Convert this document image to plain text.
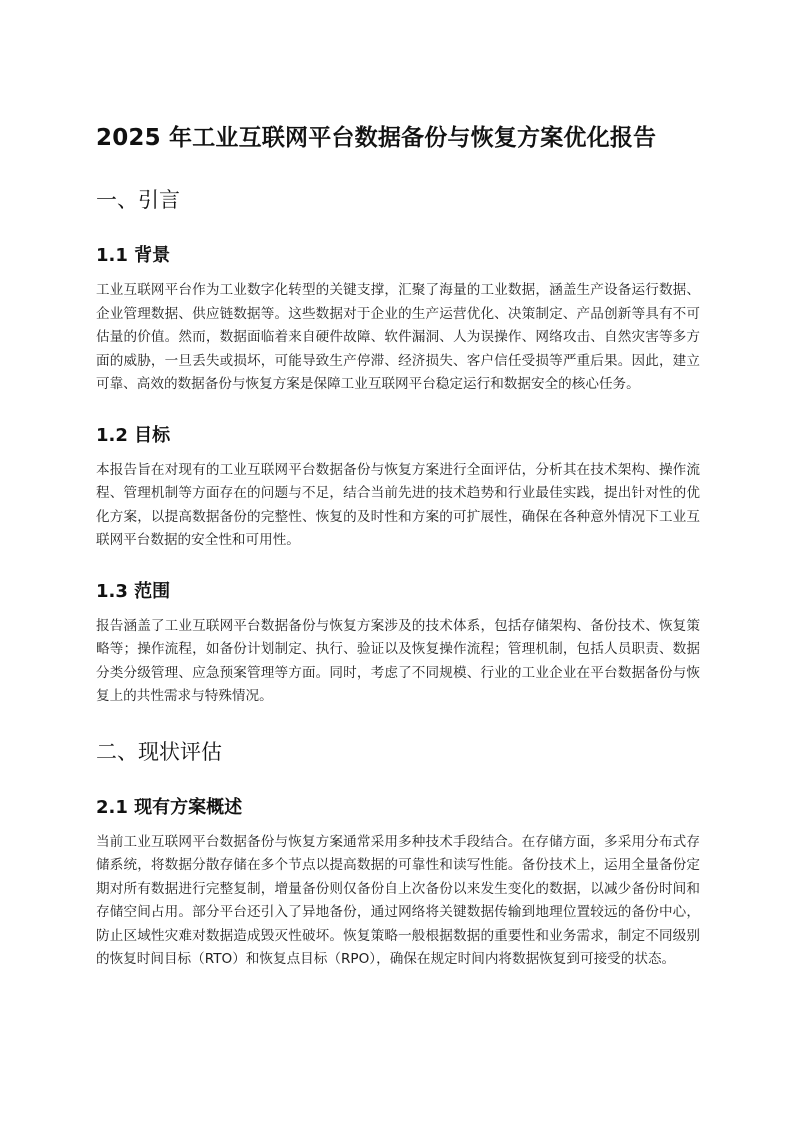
2025 年工业互联网平台数据备份与恢复方案优化报告
一、引言
1.1 背景

工业互联网平台作为工业数字化转型的关键支撑，汇聚了海量的工业数据，涵盖生产设备运行数据、企业管理数据、供应链数据等。这些数据对于企业的生产运营优化、决策制定、产品创新等具有不可估量的价值。然而，数据面临着来自硬件故障、软件漏洞、人为误操作、网络攻击、自然灾害等多方面的威胁，一旦丢失或损坏，可能导致生产停滞、经济损失、客户信任受损等严重后果。因此，建立可靠、高效的数据备份与恢复方案是保障工业互联网平台稳定运行和数据安全的核心任务。

1.2 目标

本报告旨在对现有的工业互联网平台数据备份与恢复方案进行全面评估，分析其在技术架构、操作流程、管理机制等方面存在的问题与不足，结合当前先进的技术趋势和行业最佳实践，提出针对性的优化方案，以提高数据备份的完整性、恢复的及时性和方案的可扩展性，确保在各种意外情况下工业互联网平台数据的安全性和可用性。

1.3 范围

报告涵盖了工业互联网平台数据备份与恢复方案涉及的技术体系，包括存储架构、备份技术、恢复策略等；操作流程，如备份计划制定、执行、验证以及恢复操作流程；管理机制，包括人员职责、数据分类分级管理、应急预案管理等方面。同时，考虑了不同规模、行业的工业企业在平台数据备份与恢复上的共性需求与特殊情况。

二、现状评估
2.1 现有方案概述

当前工业互联网平台数据备份与恢复方案通常采用多种技术手段结合。在存储方面，多采用分布式存储系统，将数据分散存储在多个节点以提高数据的可靠性和读写性能。备份技术上，运用全量备份定期对所有数据进行完整复制，增量备份则仅备份自上次备份以来发生变化的数据，以减少备份时间和存储空间占用。部分平台还引入了异地备份，通过网络将关键数据传输到地理位置较远的备份中心，防止区域性灾难对数据造成毁灭性破坏。恢复策略一般根据数据的重要性和业务需求，制定不同级别的恢复时间目标（RTO）和恢复点目标（RPO），确保在规定时间内将数据恢复到可接受的状态。
